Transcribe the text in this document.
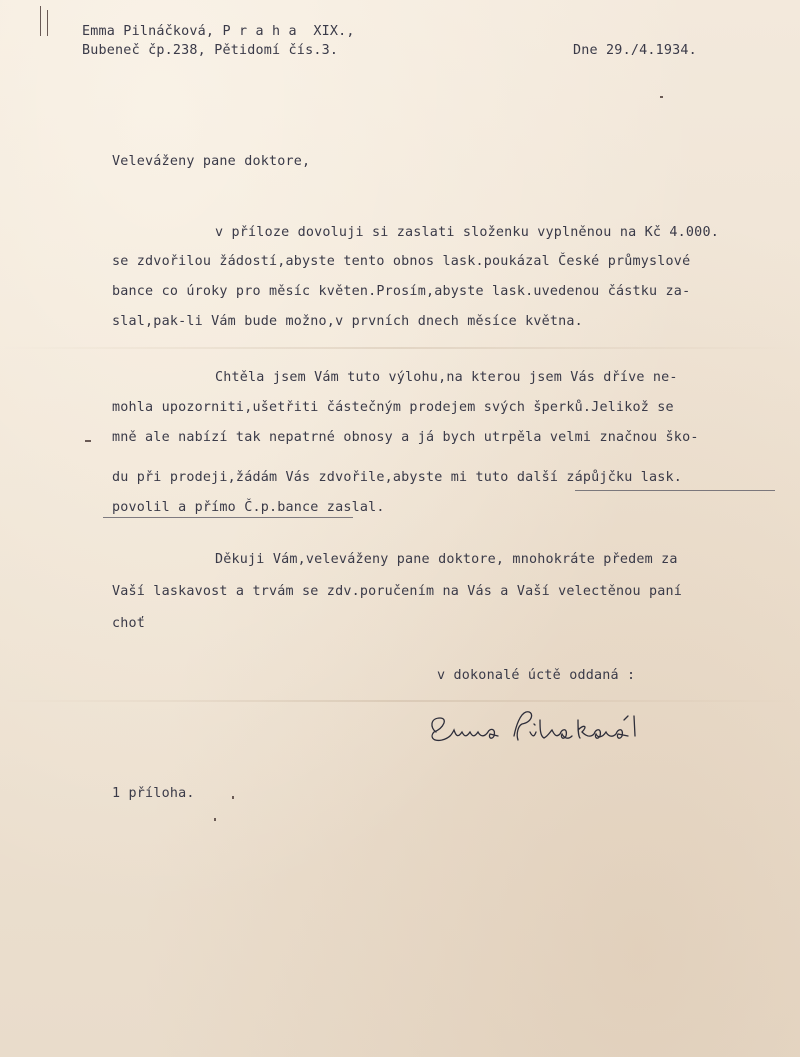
Emma Pilnáčková, P r a h a  XIX.,
Bubeneč čp.238, Pětidomí čís.3.	Dne 29./4.1934.
Veleváženy pane doktore,
v příloze dovoluji si zaslati složenku vyplněnou na Kč 4.000.
se zdvořilou žádostí,abyste tento obnos lask.poukázal České průmyslové
bance co úroky pro měsíc květen.Prosím,abyste lask.uvedenou částku za-
slal,pak-li Vám bude možno,v prvních dnech měsíce května.
Chtěla jsem Vám tuto výlohu,na kterou jsem Vás dříve ne-
mohla upozorniti,ušetřiti částečným prodejem svých šperků.Jelikož se
mně ale nabízí tak nepatrné obnosy a já bych utrpěla velmi značnou ško-
du při prodeji,žádám Vás zdvořile,abyste mi tuto další zápůjčku lask.
povolil a přímo Č.p.bance zaslal.
Děkuji Vám,veleváženy pane doktore, mnohokráte předem za
Vaší laskavost a trvám se zdv.poručením na Vás a Vaší velectěnou paní
choť
v dokonalé úctě oddaná :
1 příloha.
